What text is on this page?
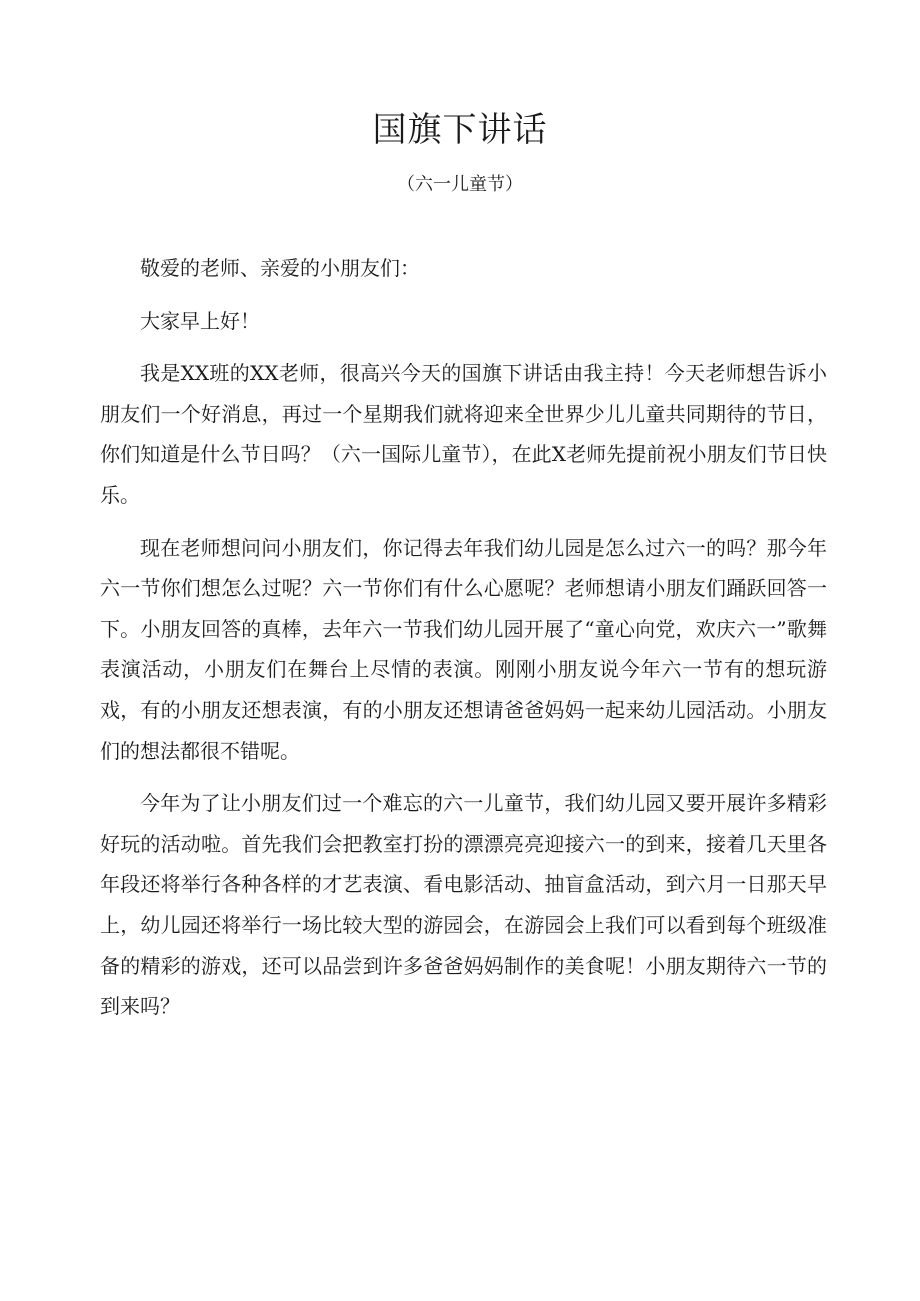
国旗下讲话
（六一儿童节）

敬爱的老师、亲爱的小朋友们：

大家早上好！

我是XX班的XX老师，很高兴今天的国旗下讲话由我主持！今天老师想告诉小朋友们一个好消息，再过一个星期我们就将迎来全世界少儿儿童共同期待的节日，你们知道是什么节日吗？（六一国际儿童节），在此X老师先提前祝小朋友们节日快乐。

现在老师想问问小朋友们，你记得去年我们幼儿园是怎么过六一的吗？那今年六一节你们想怎么过呢？六一节你们有什么心愿呢？老师想请小朋友们踊跃回答一下。小朋友回答的真棒，去年六一节我们幼儿园开展了“童心向党，欢庆六一”歌舞表演活动，小朋友们在舞台上尽情的表演。刚刚小朋友说今年六一节有的想玩游戏，有的小朋友还想表演，有的小朋友还想请爸爸妈妈一起来幼儿园活动。小朋友们的想法都很不错呢。

今年为了让小朋友们过一个难忘的六一儿童节，我们幼儿园又要开展许多精彩好玩的活动啦。首先我们会把教室打扮的漂漂亮亮迎接六一的到来，接着几天里各年段还将举行各种各样的才艺表演、看电影活动、抽盲盒活动，到六月一日那天早上，幼儿园还将举行一场比较大型的游园会，在游园会上我们可以看到每个班级准备的精彩的游戏，还可以品尝到许多爸爸妈妈制作的美食呢！小朋友期待六一节的到来吗？
